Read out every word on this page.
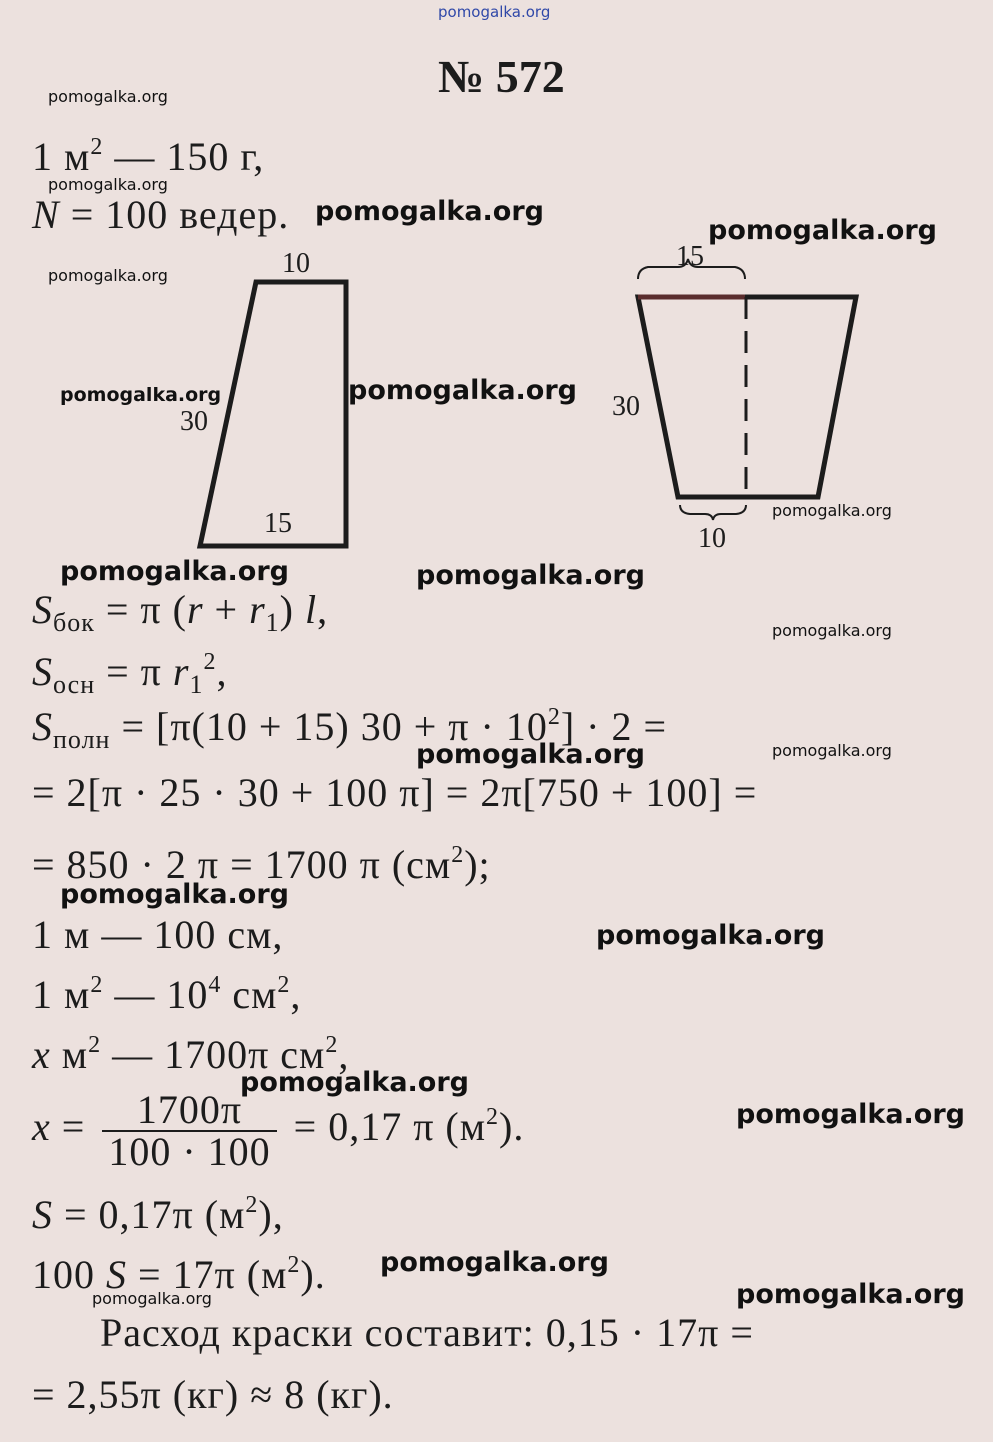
pomogalka.org
№ 572
1 $м^2$ — 150 г,
N = 100 ведер.
10
30
15
15
30
10
$S_{бок} = \pi$ $(r + r_1)$ l,
$S_{осн} = \pi$ $r_1^2$,
$S_{полн} = [\pi(10 + 15) 30 + \pi \cdot 10^2] \cdot 2$ =
= 2[π · 25 · 30 + 100 π] = 2π[750 + 100] =
= 850 · 2 π = 1700 π $(см^2)$;
1 м — 100 см,
1 $м^2$ — $10^4$ $см^2$,
x $м^2$ — 1700π $см^2$,
$x = \frac{1700\pi}{100 \cdot 100} = 0,17$ π $(м^2)$.
S = 0,17π $(м^2)$,
100 S = 17π $(м^2)$.
Расход краски составит: 0,15 · 17π =
= 2,55π (кг) ≈ 8 (кг).
pomogalka.org
pomogalka.org
pomogalka.org
pomogalka.org
pomogalka.org
pomogalka.org	pomogalka.org
pomogalka.org
pomogalka.org	pomogalka.org
pomogalka.org
pomogalka.org	pomogalka.org
pomogalka.org
pomogalka.org
pomogalka.org
pomogalka.org
pomogalka.org
pomogalka.org	pomogalka.org
